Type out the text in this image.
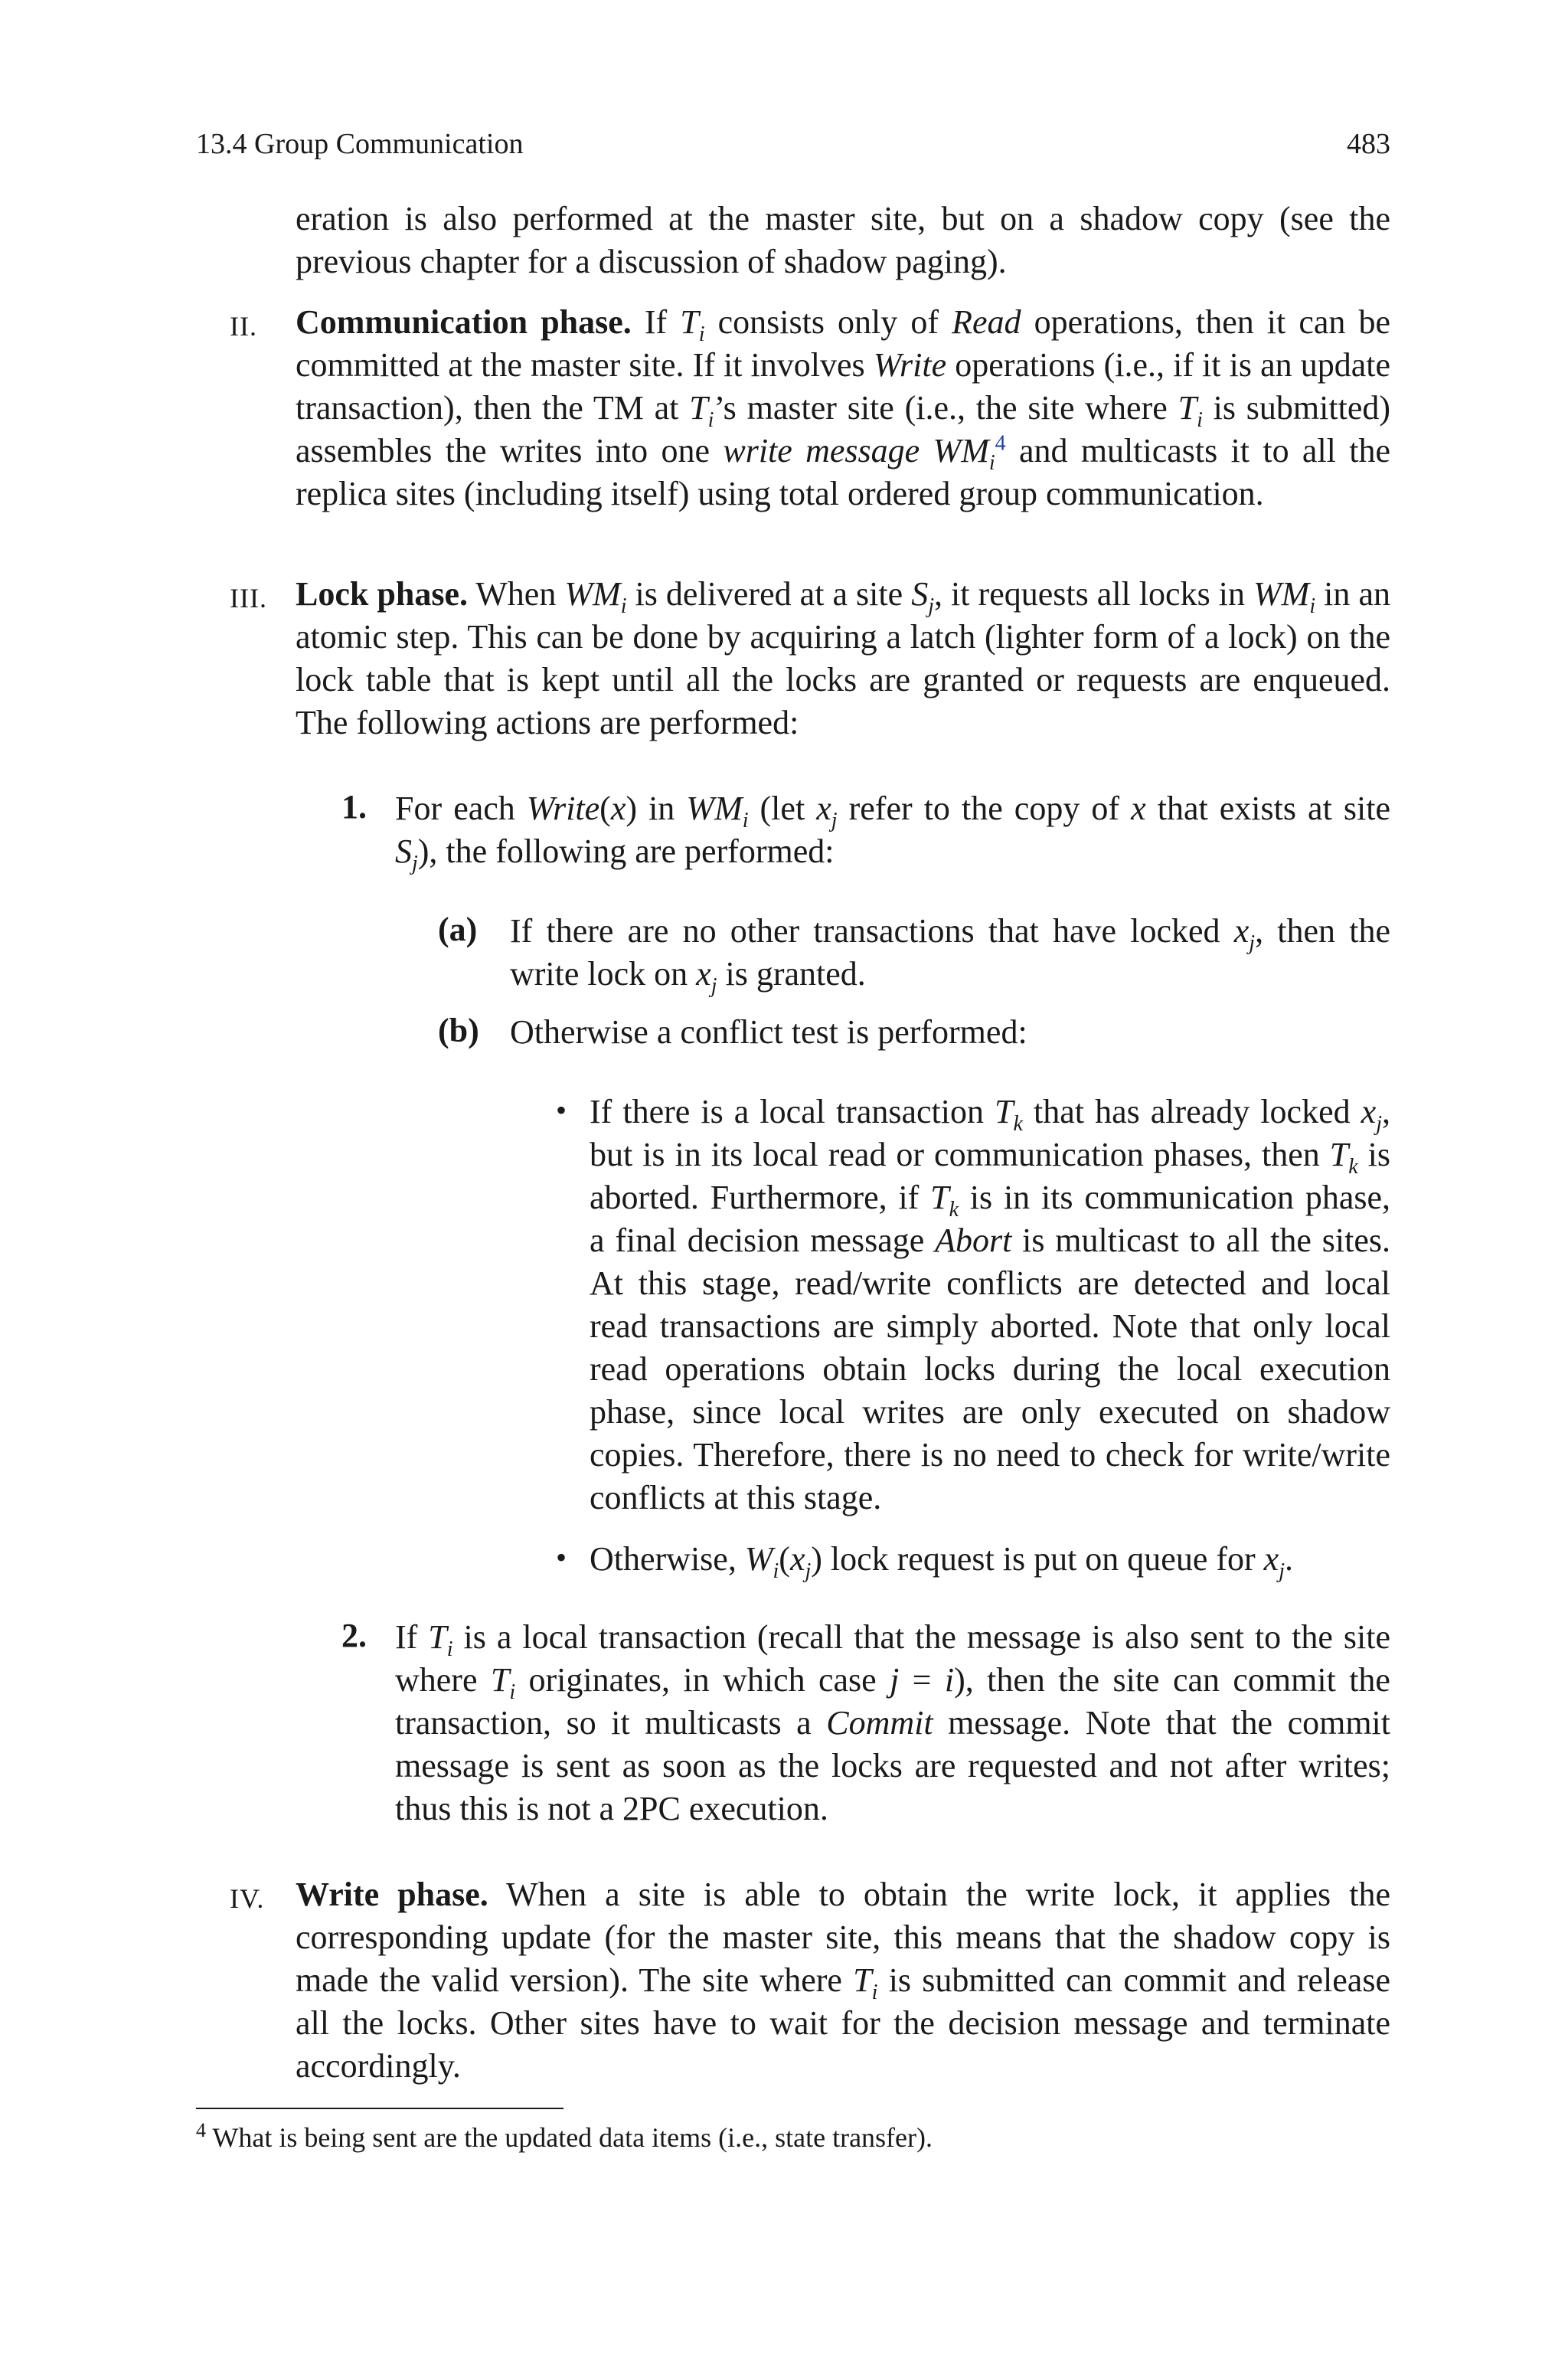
13.4 Group Communication	483
eration is also performed at the master site, but on a shadow copy (see the previous chapter for a discussion of shadow paging).
II. Communication phase. If $T_i$ consists only of Read operations, then it can be committed at the master site. If it involves Write operations (i.e., if it is an update transaction), then the TM at $T_i’s$ master site (i.e., the site where $T_i$ is submitted) assembles the writes into one write message $WM_i^4$ and multicasts it to all the replica sites (including itself) using total ordered group communication.
III. Lock phase. When $WM_i$ is delivered at a site $S_j$, it requests all locks in $WM_i$ in an atomic step. This can be done by acquiring a latch (lighter form of a lock) on the lock table that is kept until all the locks are granted or requests are enqueued. The following actions are performed:
1. For each Write(x) in $WM_i$ (let $x_j$ refer to the copy of x that exists at site $S_j$), the following are performed:
(a) If there are no other transactions that have locked $x_j$, then the write lock on $x_j$ is granted.
(b) Otherwise a conflict test is performed:
• If there is a local transaction $T_k$ that has already locked $x_j$, but is in its local read or communication phases, then $T_k$ is aborted. Furthermore, if $T_k$ is in its communication phase, a final decision message Abort is multicast to all the sites. At this stage, read/write conflicts are detected and local read transactions are simply aborted. Note that only local read operations obtain locks during the local execution phase, since local writes are only executed on shadow copies. Therefore, there is no need to check for write/write conflicts at this stage.
• Otherwise, $W_i(x_j)$ lock request is put on queue for $x_j$.
2. If $T_i$ is a local transaction (recall that the message is also sent to the site where $T_i$ originates, in which case j = i), then the site can commit the transaction, so it multicasts a Commit message. Note that the commit message is sent as soon as the locks are requested and not after writes; thus this is not a 2PC execution.
IV. Write phase. When a site is able to obtain the write lock, it applies the corresponding update (for the master site, this means that the shadow copy is made the valid version). The site where $T_i$ is submitted can commit and release all the locks. Other sites have to wait for the decision message and terminate accordingly.
$^4$ What is being sent are the updated data items (i.e., state transfer).
